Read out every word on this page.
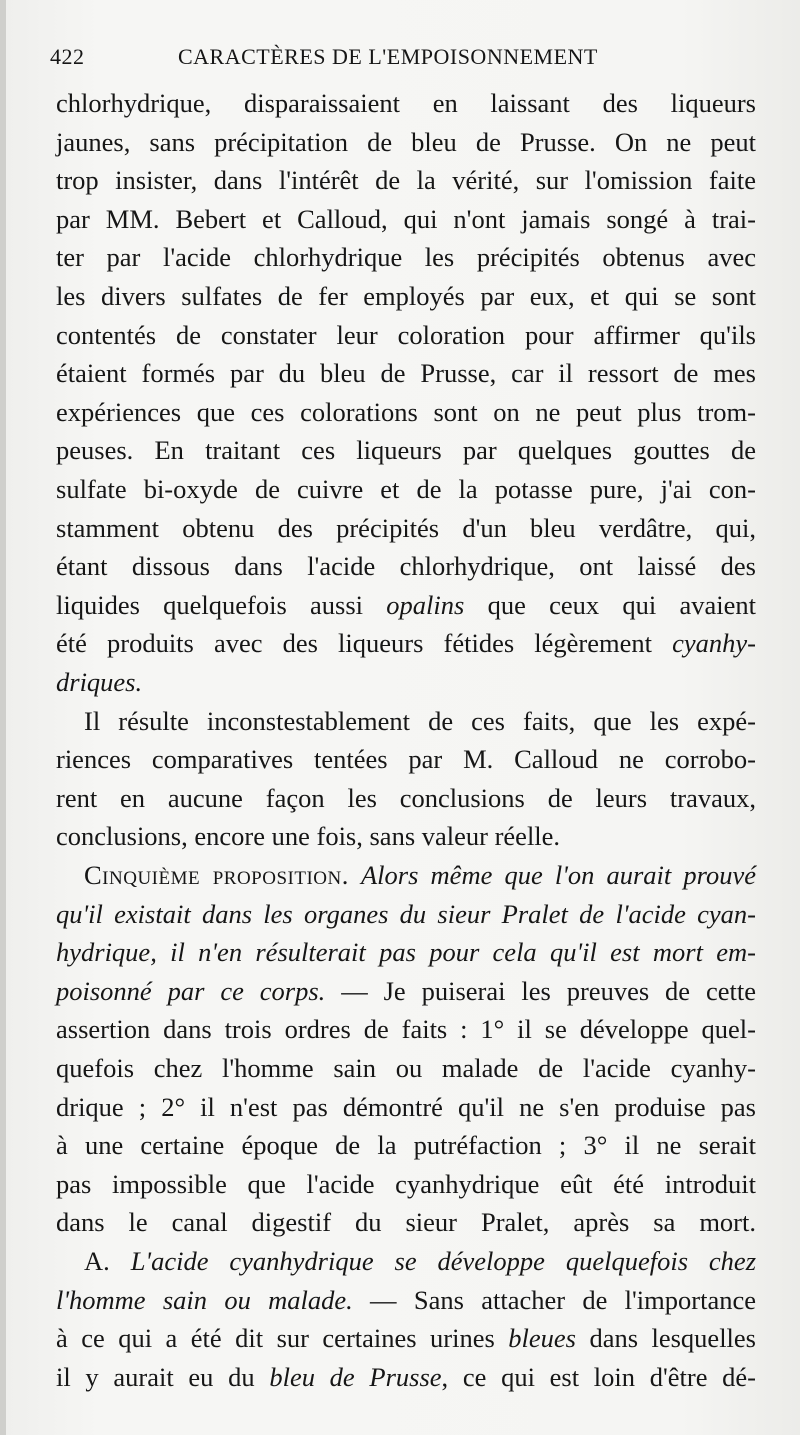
422	CARACTÈRES DE L'EMPOISONNEMENT
chlorhydrique, disparaissaient en laissant des liqueurs
jaunes, sans précipitation de bleu de Prusse. On ne peut
trop insister, dans l'intérêt de la vérité, sur l'omission faite
par MM. Bebert et Calloud, qui n'ont jamais songé à trai-
ter par l'acide chlorhydrique les précipités obtenus avec
les divers sulfates de fer employés par eux, et qui se sont
contentés de constater leur coloration pour affirmer qu'ils
étaient formés par du bleu de Prusse, car il ressort de mes
expériences que ces colorations sont on ne peut plus trom-
peuses. En traitant ces liqueurs par quelques gouttes de
sulfate bi-oxyde de cuivre et de la potasse pure, j'ai con-
stamment obtenu des précipités d'un bleu verdâtre, qui,
étant dissous dans l'acide chlorhydrique, ont laissé des
liquides quelquefois aussi opalins que ceux qui avaient
été produits avec des liqueurs fétides légèrement cyanhy-
driques.
Il résulte inconstestablement de ces faits, que les expé-
riences comparatives tentées par M. Calloud ne corrobo-
rent en aucune façon les conclusions de leurs travaux,
conclusions, encore une fois, sans valeur réelle.
Cinquième proposition. Alors même que l'on aurait prouvé
qu'il existait dans les organes du sieur Pralet de l'acide cyan-
hydrique, il n'en résulterait pas pour cela qu'il est mort em-
poisonné par ce corps. — Je puiserai les preuves de cette
assertion dans trois ordres de faits : 1° il se développe quel-
quefois chez l'homme sain ou malade de l'acide cyanhy-
drique ; 2° il n'est pas démontré qu'il ne s'en produise pas
à une certaine époque de la putréfaction ; 3° il ne serait
pas impossible que l'acide cyanhydrique eût été introduit
dans le canal digestif du sieur Pralet, après sa mort.
A. L'acide cyanhydrique se développe quelquefois chez
l'homme sain ou malade. — Sans attacher de l'importance
à ce qui a été dit sur certaines urines bleues dans lesquelles
il y aurait eu du bleu de Prusse, ce qui est loin d'être dé-
